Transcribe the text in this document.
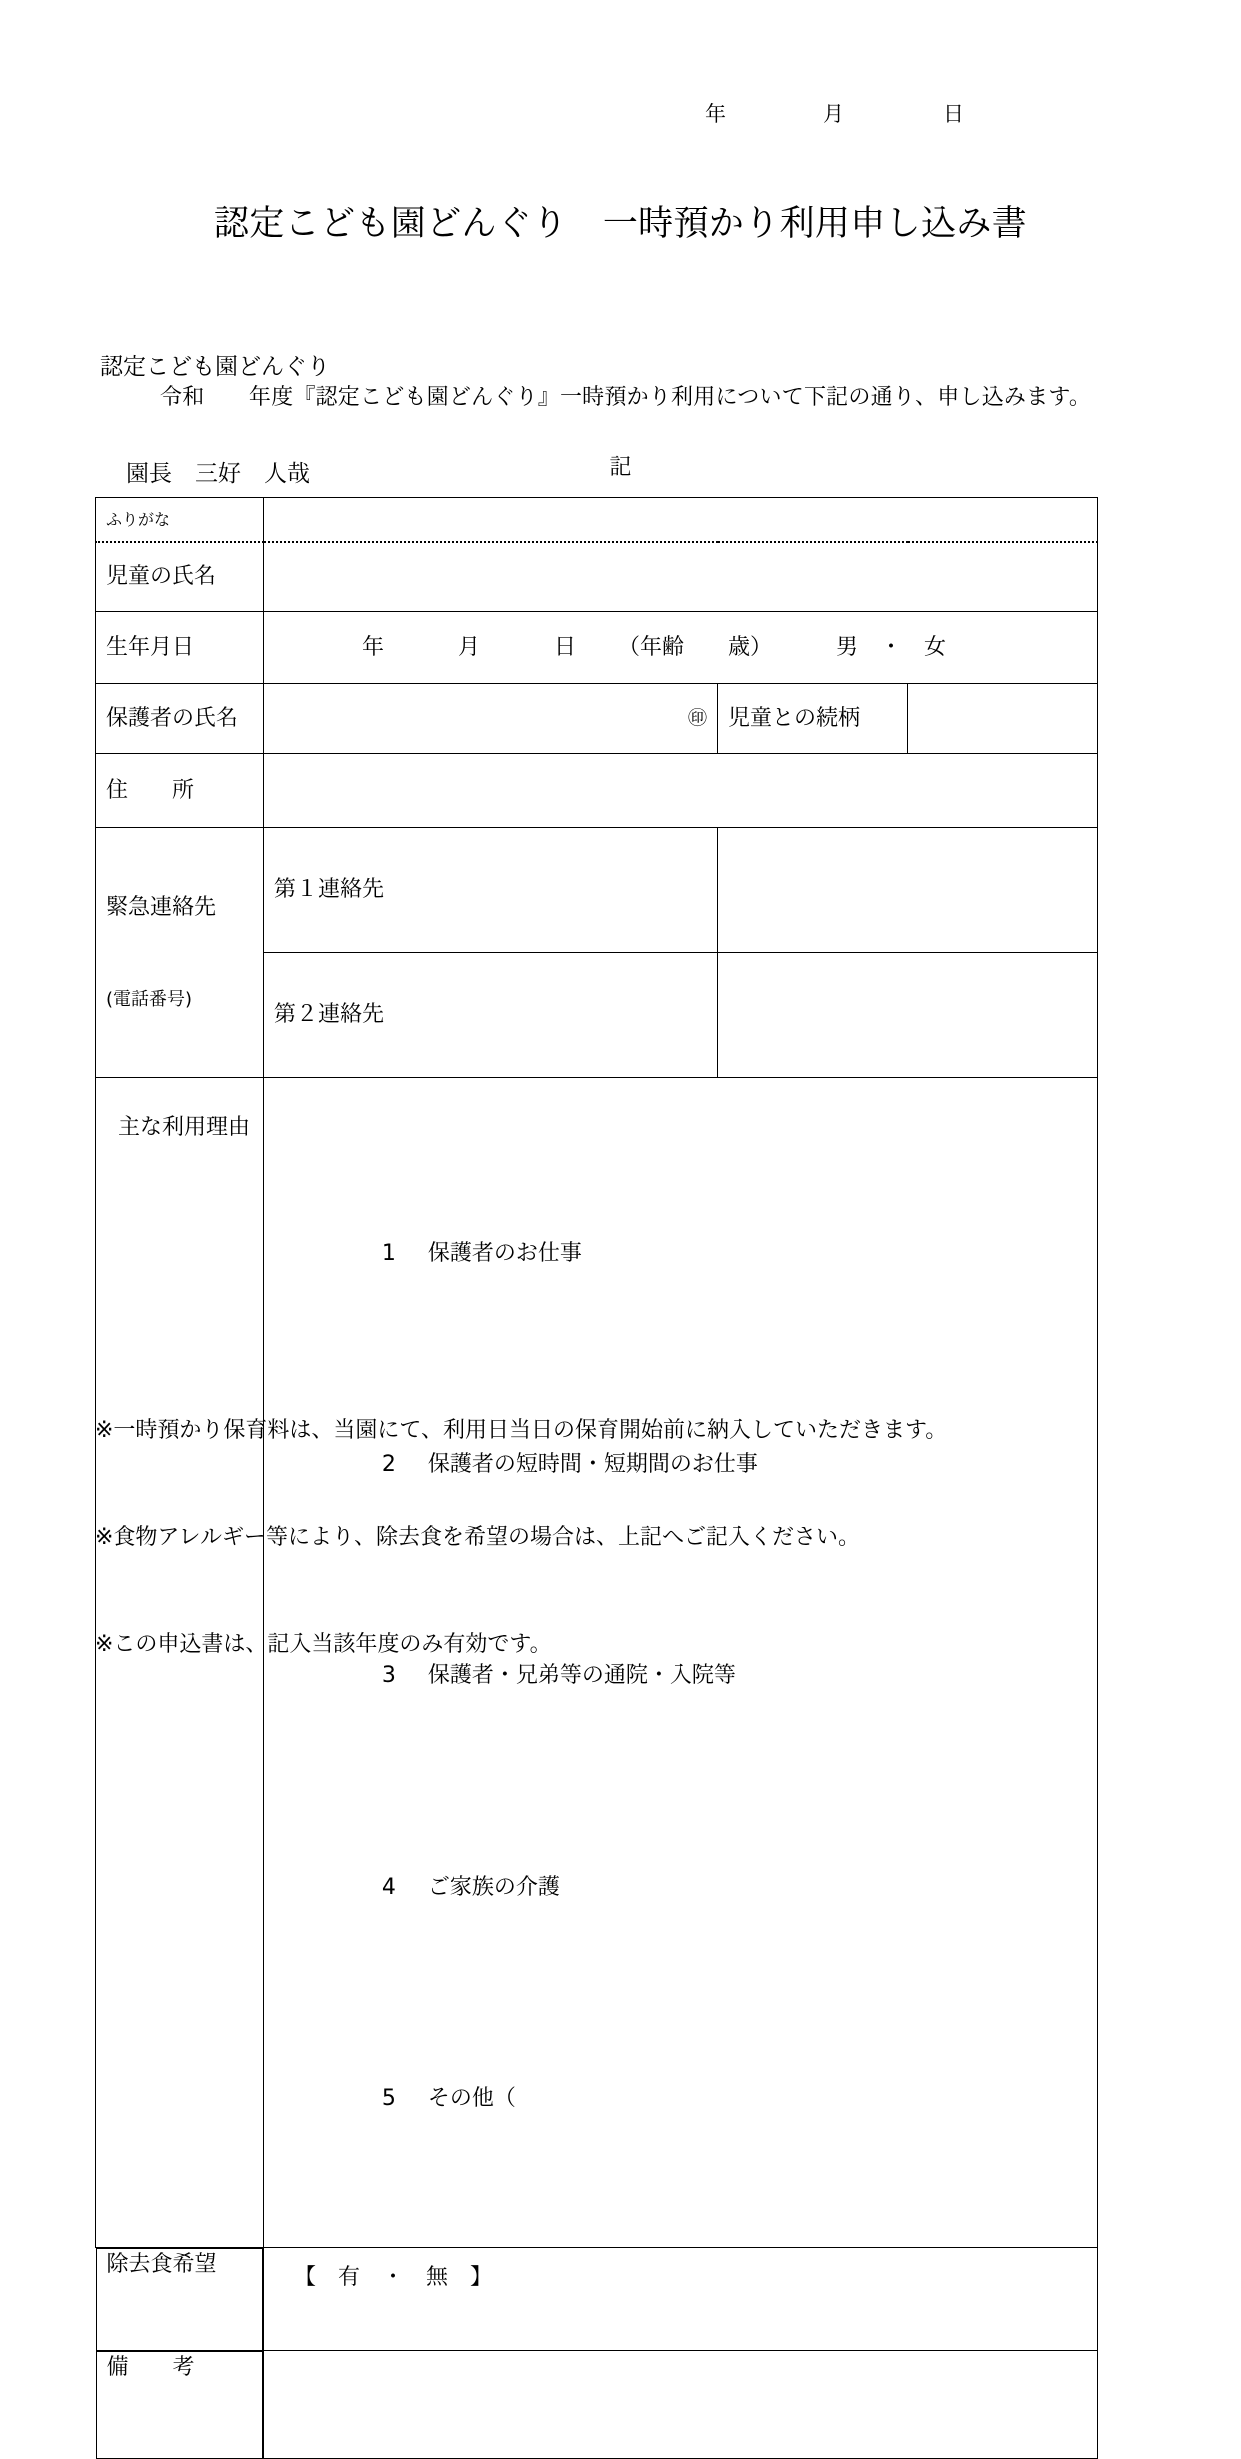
年	月	日
認定こども園どんぐり　一時預かり利用申し込み書

認定こども園どんぐり

園長　三好　人哉

令和　　年度『認定こども園どんぐり』一時預かり利用について下記の通り、申し込みます。
記
ふりがな			
児童の氏名			
生年月日	年 月 日 （年齢　　歳） 男　・　女		

保護者の氏名	㊞	児童との続柄	
住　　所			

緊急連絡先

(電話番号)	第１連絡先		
	第２連絡先		

主な利用理由	1 保護者のお仕事

2 保護者の短時間・短期間のお仕事

3 保護者・兄弟等の通院・入院等

4 ご家族の介護

5 その他（		

除去食希望
【　有　・　無　】		

備　　考

※一時預かり保育料は、当園にて、利用日当日の保育開始前に納入していただきます。

※食物アレルギー等により、除去食を希望の場合は、上記へご記入ください。

※この申込書は、記入当該年度のみ有効です。
